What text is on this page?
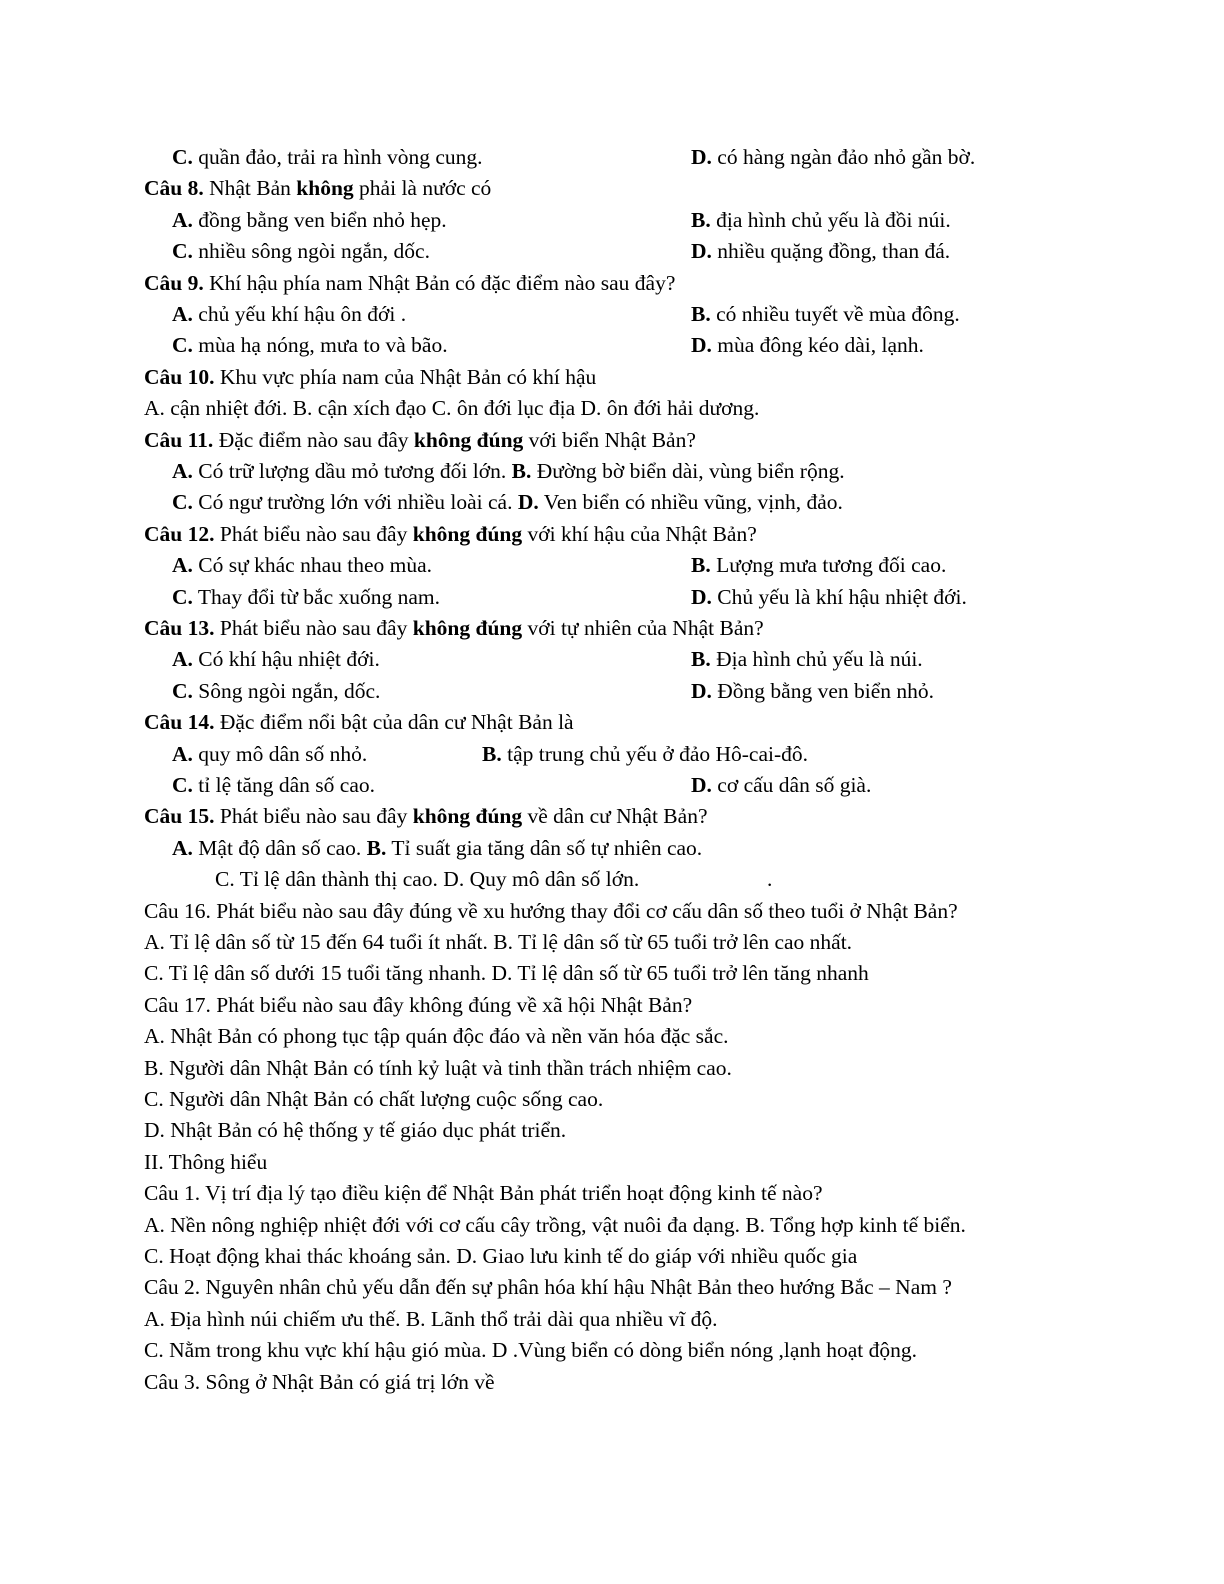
C. quần đảo, trải ra hình vòng cung.	D. có hàng ngàn đảo nhỏ gần bờ.
Câu 8. Nhật Bản không phải là nước có
A. đồng bằng ven biển nhỏ hẹp.	B. địa hình chủ yếu là đồi núi.
C. nhiều sông ngòi ngắn, dốc.	D. nhiều quặng đồng, than đá.
Câu 9. Khí hậu phía nam Nhật Bản có đặc điểm nào sau đây?
A. chủ yếu khí hậu ôn đới .	B. có nhiều tuyết về mùa đông.
C. mùa hạ nóng, mưa to và bão.	D. mùa đông kéo dài, lạnh.
Câu 10. Khu vực phía nam của Nhật Bản có khí hậu
A. cận nhiệt đới. B. cận xích đạo C. ôn đới lục địa D. ôn đới hải dương.
Câu 11. Đặc điểm nào sau đây không đúng với biển Nhật Bản?
A. Có trữ lượng dầu mỏ tương đối lớn. B. Đường bờ biển dài, vùng biển rộng.
C. Có ngư trường lớn với nhiều loài cá. D. Ven biển có nhiều vũng, vịnh, đảo.
Câu 12. Phát biểu nào sau đây không đúng với khí hậu của Nhật Bản?
A. Có sự khác nhau theo mùa.	B. Lượng mưa tương đối cao.
C. Thay đổi từ bắc xuống nam.	D. Chủ yếu là khí hậu nhiệt đới.
Câu 13. Phát biểu nào sau đây không đúng với tự nhiên của Nhật Bản?
A. Có khí hậu nhiệt đới.	B. Địa hình chủ yếu là núi.
C. Sông ngòi ngắn, dốc.	D. Đồng bằng ven biển nhỏ.
Câu 14. Đặc điểm nổi bật của dân cư Nhật Bản là
A. quy mô dân số nhỏ.	B. tập trung chủ yếu ở đảo Hô-cai-đô.
C. tỉ lệ tăng dân số cao.	D. cơ cấu dân số già.
Câu 15. Phát biểu nào sau đây không đúng về dân cư Nhật Bản?
A. Mật độ dân số cao. B. Tỉ suất gia tăng dân số tự nhiên cao.
C. Tỉ lệ dân thành thị cao. D. Quy mô dân số lớn.	.
Câu 16. Phát biểu nào sau đây đúng về xu hướng thay đổi cơ cấu dân số theo tuổi ở Nhật Bản?
A. Tỉ lệ dân số từ 15 đến 64 tuổi ít nhất. B. Tỉ lệ dân số từ 65 tuổi trở lên cao nhất.
C. Tỉ lệ dân số dưới 15 tuổi tăng nhanh. D. Tỉ lệ dân số từ 65 tuổi trở lên tăng nhanh
Câu 17. Phát biểu nào sau đây không đúng về xã hội Nhật Bản?
A. Nhật Bản có phong tục tập quán độc đáo và nền văn hóa đặc sắc.
B. Người dân Nhật Bản có tính kỷ luật và tinh thần trách nhiệm cao.
C. Người dân Nhật Bản có chất lượng cuộc sống cao.
D. Nhật Bản có hệ thống y tế giáo dục phát triển.
II. Thông hiểu
Câu 1. Vị trí địa lý tạo điều kiện để Nhật Bản phát triển hoạt động kinh tế nào?
A. Nền nông nghiệp nhiệt đới với cơ cấu cây trồng, vật nuôi đa dạng. B. Tổng hợp kinh tế biển.
C. Hoạt động khai thác khoáng sản. D. Giao lưu kinh tế do giáp với nhiều quốc gia
Câu 2. Nguyên nhân chủ yếu dẫn đến sự phân hóa khí hậu Nhật Bản theo hướng Bắc – Nam ?
A. Địa hình núi chiếm ưu thế. B. Lãnh thổ trải dài qua nhiều vĩ độ.
C. Nằm trong khu vực khí hậu gió mùa. D .Vùng biển có dòng biển nóng ,lạnh hoạt động.
Câu 3. Sông ở Nhật Bản có giá trị lớn về
